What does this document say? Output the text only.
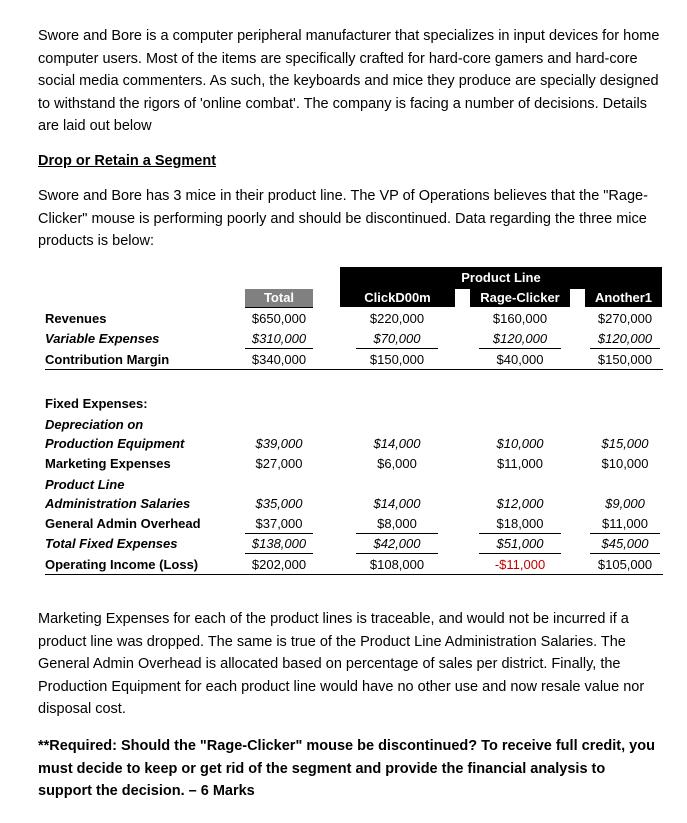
Swore and Bore is a computer peripheral manufacturer that specializes in input devices for home computer users. Most of the items are specifically crafted for hard-core gamers and hard-core social media commenters. As such, the keyboards and mice they produce are specially designed to withstand the rigors of 'online combat'. The company is facing a number of decisions. Details are laid out below

Drop or Retain a Segment

Swore and Bore has 3 mice in their product line. The VP of Operations believes that the "Rage-Clicker" mouse is performing poorly and should be discontinued. Data regarding the three mice products is below:

Product Line
Total	ClickD00m	Rage-Clicker	Another1
Revenues	$650,000	$220,000	$160,000	$270,000
Variable Expenses	$310,000	$70,000	$120,000	$120,000
Contribution Margin	$340,000	$150,000	$40,000	$150,000
Fixed Expenses:
Depreciation on
Production Equipment	$39,000	$14,000	$10,000	$15,000
Marketing Expenses	$27,000	$6,000	$11,000	$10,000
Product Line
Administration Salaries	$35,000	$14,000	$12,000	$9,000
General Admin Overhead	$37,000	$8,000	$18,000	$11,000
Total Fixed Expenses	$138,000	$42,000	$51,000	$45,000
Operating Income (Loss)	$202,000	$108,000	-$11,000	$105,000

Marketing Expenses for each of the product lines is traceable, and would not be incurred if a product line was dropped. The same is true of the Product Line Administration Salaries. The General Admin Overhead is allocated based on percentage of sales per district. Finally, the Production Equipment for each product line would have no other use and now resale value nor disposal cost.

**Required: Should the "Rage-Clicker" mouse be discontinued? To receive full credit, you must decide to keep or get rid of the segment and provide the financial analysis to support the decision. – 6 Marks
